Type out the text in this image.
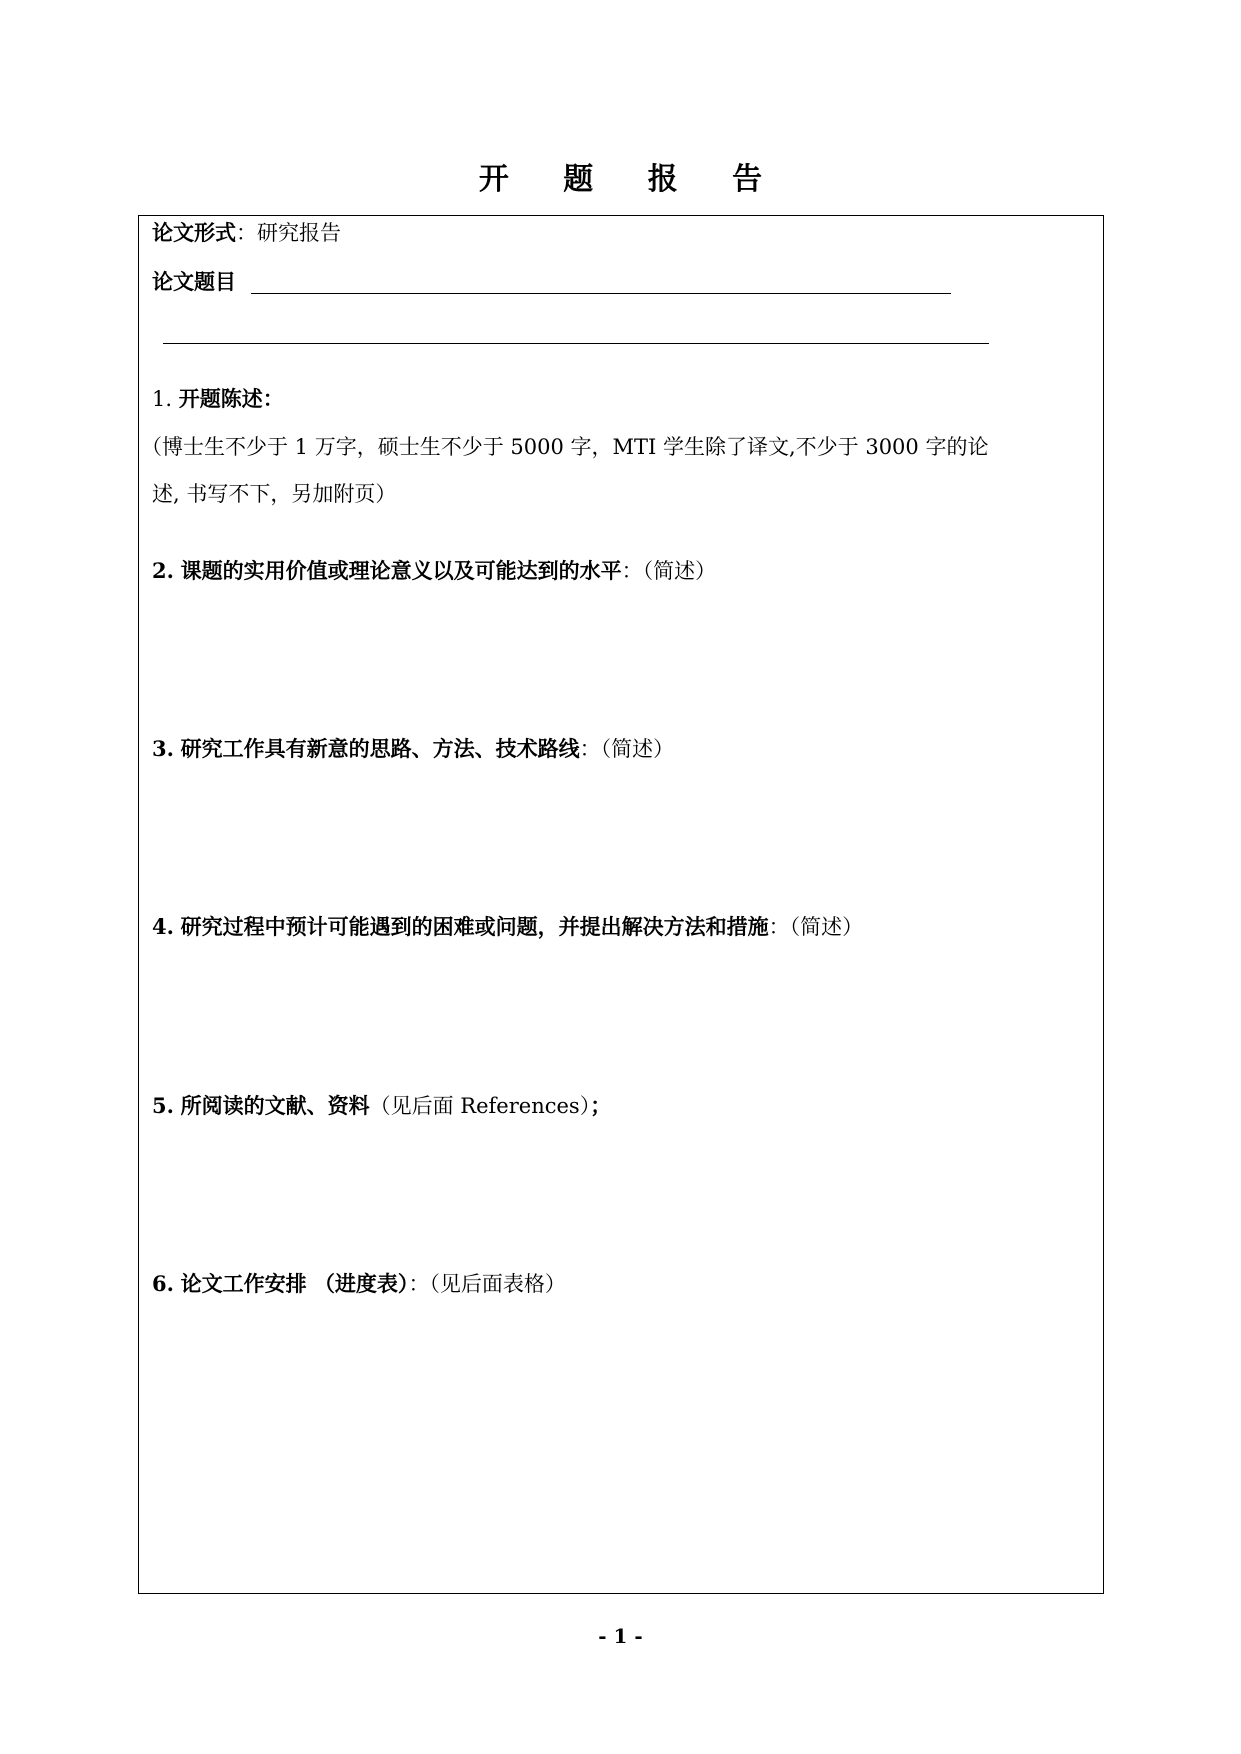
开 题 报 告
论文形式：研究报告
论文题目
1. 开题陈述：
（博士生不少于 1 万字，硕士生不少于 5000 字，MTI 学生除了译文,不少于 3000 字的论
述, 书写不下，另加附页）
2. 课题的实用价值或理论意义以及可能达到的水平：（简述）
3. 研究工作具有新意的思路、方法、技术路线：（简述）
4. 研究过程中预计可能遇到的困难或问题，并提出解决方法和措施：（简述）
5. 所阅读的文献、资料（见后面 References）；
6. 论文工作安排 （进度表）：（见后面表格）
- 1 -
